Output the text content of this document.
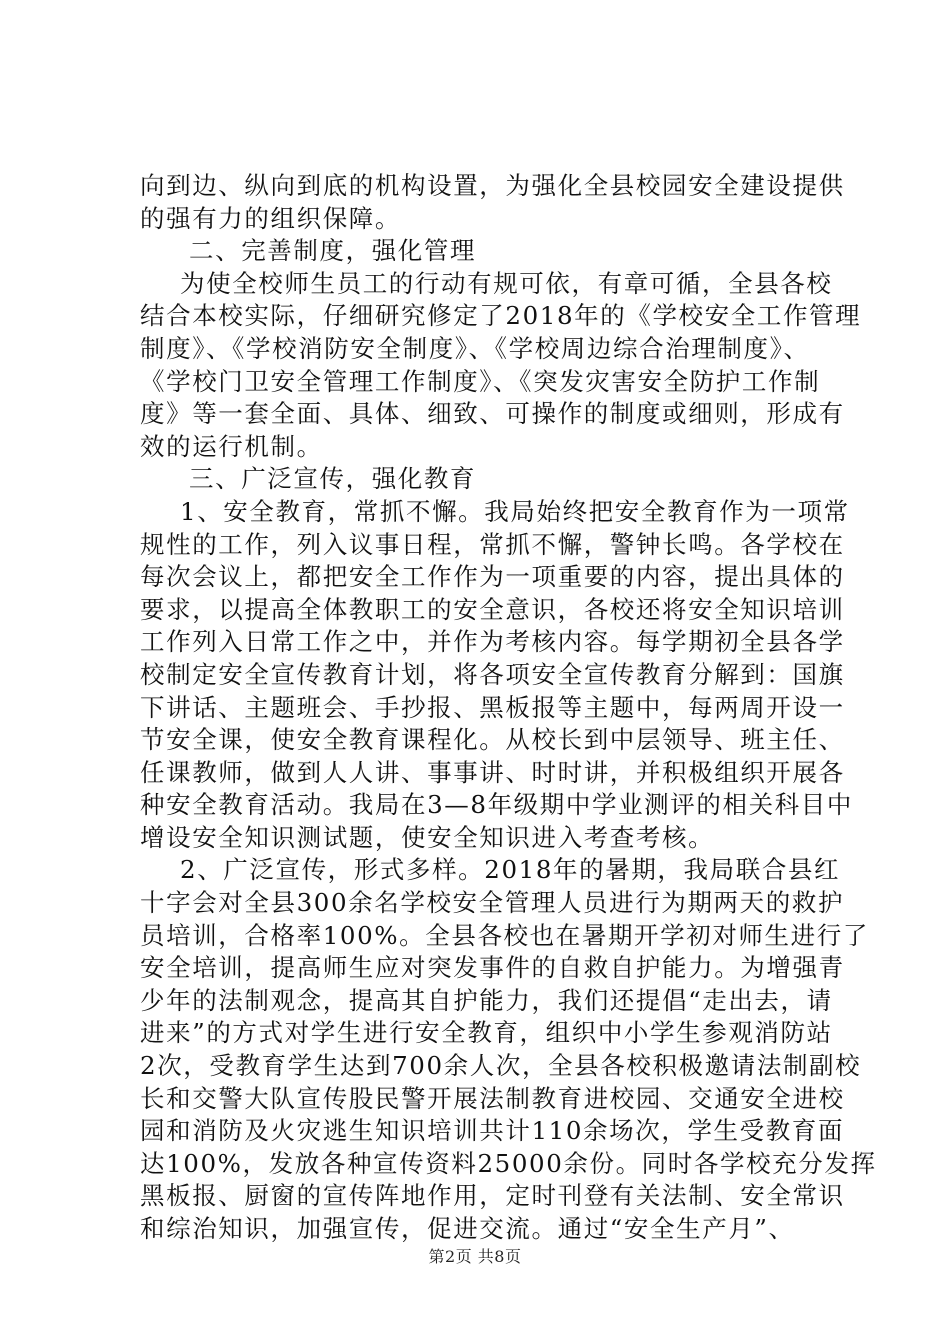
向到边、纵向到底的机构设置，为强化全县校园安全建设提供
的强有力的组织保障。
二、完善制度，强化管理
为使全校师生员工的行动有规可依，有章可循，全县各校
结合本校实际，仔细研究修定了2018年的《学校安全工作管理
制度》、《学校消防安全制度》、《学校周边综合治理制度》、
《学校门卫安全管理工作制度》、《突发灾害安全防护工作制
度》等一套全面、具体、细致、可操作的制度或细则，形成有
效的运行机制。
三、广泛宣传，强化教育
1、安全教育，常抓不懈。我局始终把安全教育作为一项常
规性的工作，列入议事日程，常抓不懈，警钟长鸣。各学校在
每次会议上，都把安全工作作为一项重要的内容，提出具体的
要求，以提高全体教职工的安全意识，各校还将安全知识培训
工作列入日常工作之中，并作为考核内容。每学期初全县各学
校制定安全宣传教育计划，将各项安全宣传教育分解到：国旗
下讲话、主题班会、手抄报、黑板报等主题中，每两周开设一
节安全课，使安全教育课程化。从校长到中层领导、班主任、
任课教师，做到人人讲、事事讲、时时讲，并积极组织开展各
种安全教育活动。我局在3—8年级期中学业测评的相关科目中
增设安全知识测试题，使安全知识进入考查考核。
2、广泛宣传，形式多样。2018年的暑期，我局联合县红
十字会对全县300余名学校安全管理人员进行为期两天的救护
员培训，合格率100%。全县各校也在暑期开学初对师生进行了
安全培训，提高师生应对突发事件的自救自护能力。为增强青
少年的法制观念，提高其自护能力，我们还提倡“走出去，请
进来”的方式对学生进行安全教育，组织中小学生参观消防站
2次，受教育学生达到700余人次，全县各校积极邀请法制副校
长和交警大队宣传股民警开展法制教育进校园、交通安全进校
园和消防及火灾逃生知识培训共计110余场次，学生受教育面
达100%，发放各种宣传资料25000余份。同时各学校充分发挥
黑板报、厨窗的宣传阵地作用，定时刊登有关法制、安全常识
和综治知识，加强宣传，促进交流。通过“安全生产月”、
第2页 共8页
